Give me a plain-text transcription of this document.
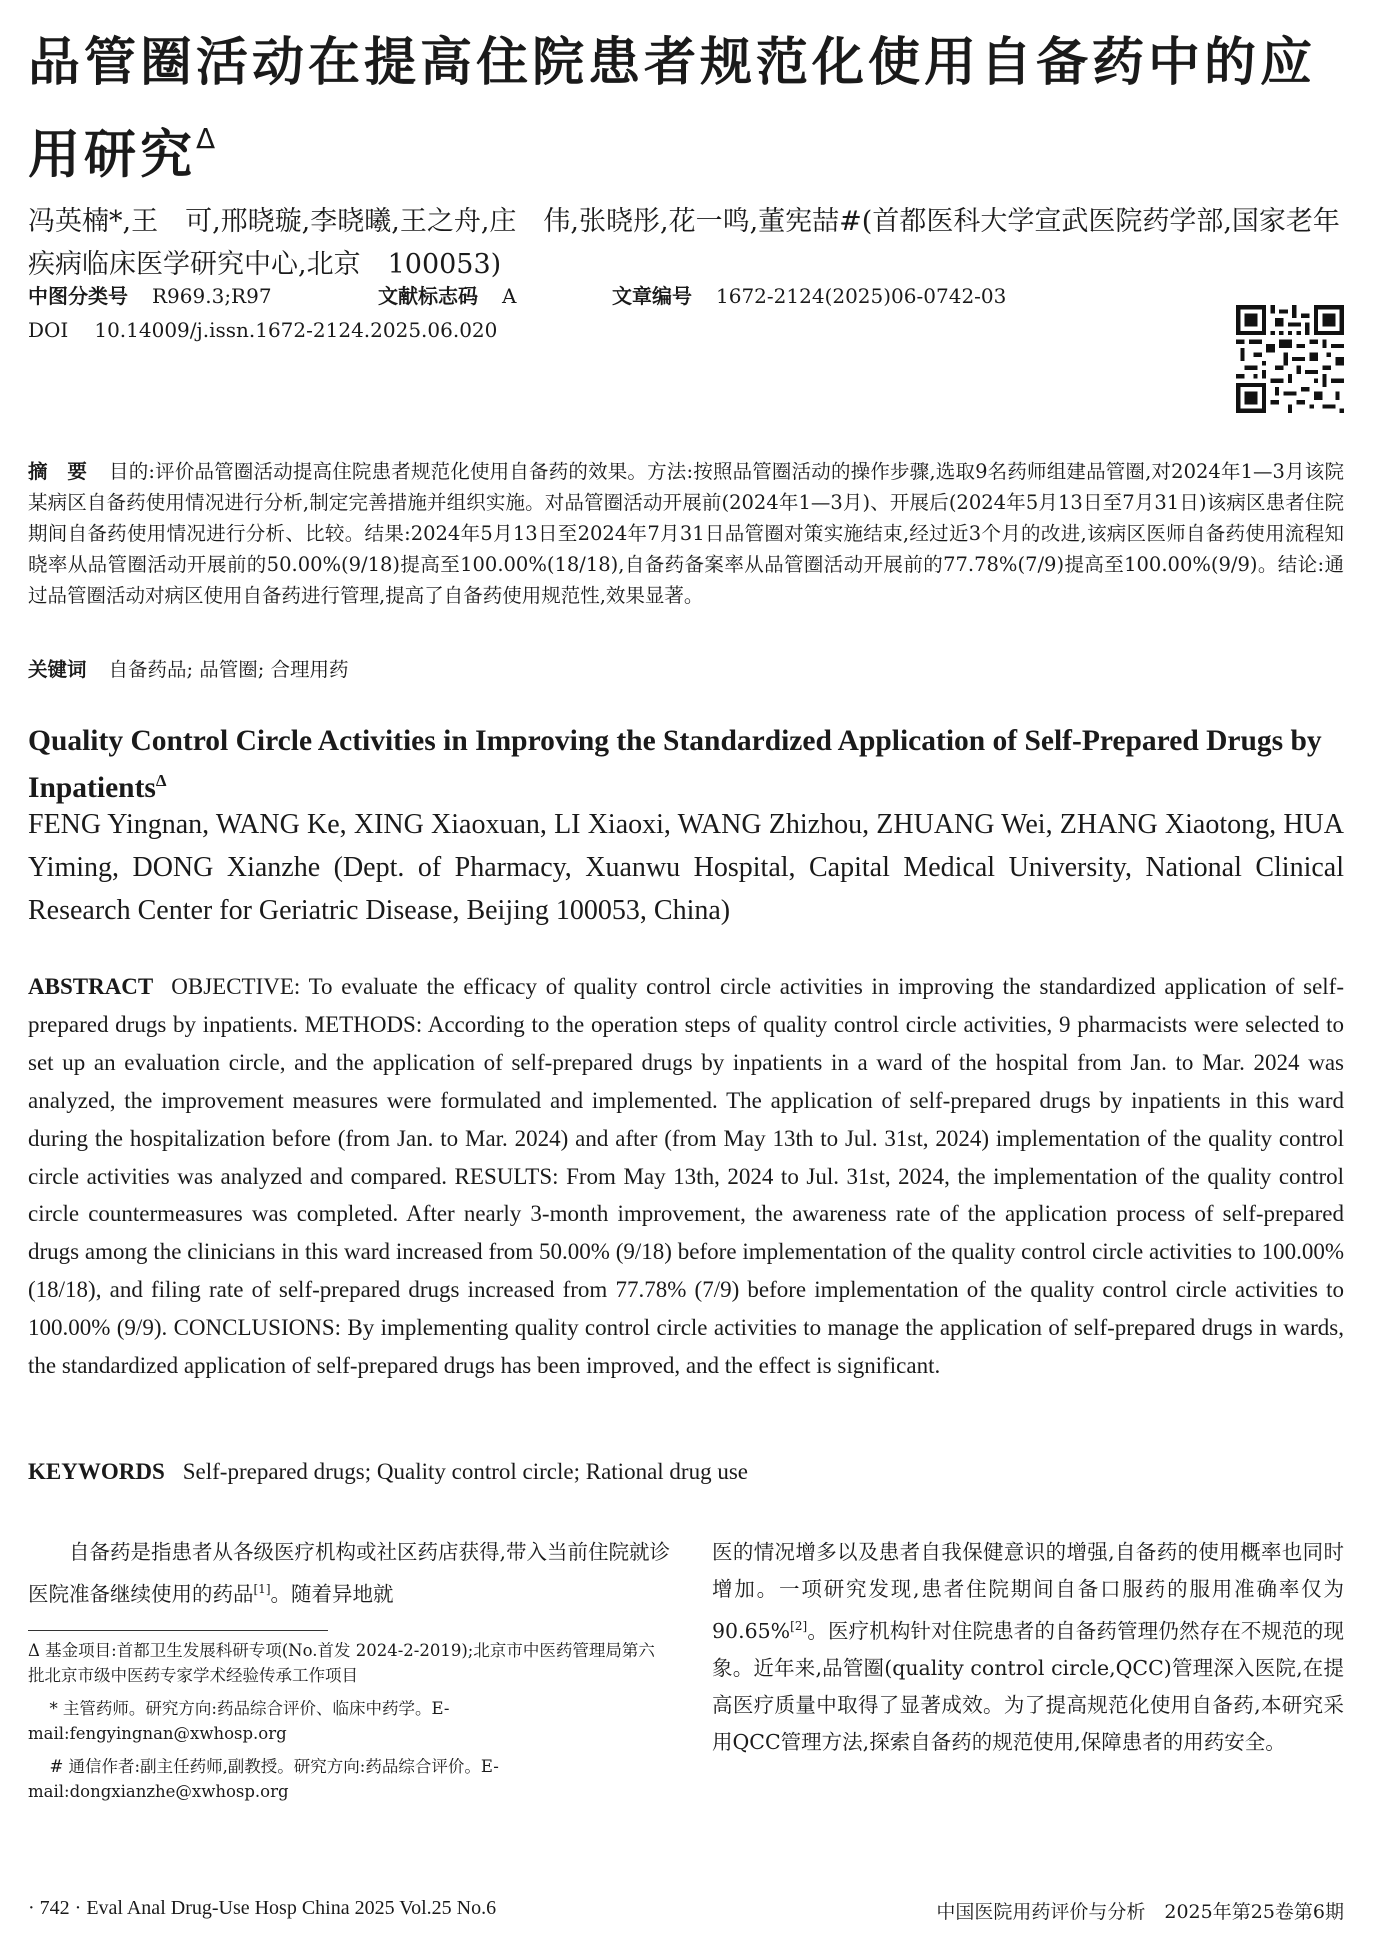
品管圈活动在提高住院患者规范化使用自备药中的应用研究$^\Delta$
冯英楠*,王　可,邢晓璇,李晓曦,王之舟,庄　伟,张晓彤,花一鸣,董宪喆#(首都医科大学宣武医院药学部,国家老年疾病临床医学研究中心,北京　100053)
中图分类号 R969.3;R97	文献标志码 A	文章编号 1672-2124(2025)06-0742-03
DOI 10.14009/j.issn.1672-2124.2025.06.020
摘　要 目的:评价品管圈活动提高住院患者规范化使用自备药的效果。方法:按照品管圈活动的操作步骤,选取9名药师组建品管圈,对2024年1—3月该院某病区自备药使用情况进行分析,制定完善措施并组织实施。对品管圈活动开展前(2024年1—3月)、开展后(2024年5月13日至7月31日)该病区患者住院期间自备药使用情况进行分析、比较。结果:2024年5月13日至2024年7月31日品管圈对策实施结束,经过近3个月的改进,该病区医师自备药使用流程知晓率从品管圈活动开展前的50.00%(9/18)提高至100.00%(18/18),自备药备案率从品管圈活动开展前的77.78%(7/9)提高至100.00%(9/9)。结论:通过品管圈活动对病区使用自备药进行管理,提高了自备药使用规范性,效果显著。
关键词 自备药品; 品管圈; 合理用药
Quality Control Circle Activities in Improving the Standardized Application of Self-Prepared Drugs by Inpatients$^\Delta$
FENG Yingnan, WANG Ke, XING Xiaoxuan, LI Xiaoxi, WANG Zhizhou, ZHUANG Wei, ZHANG Xiaotong, HUA Yiming, DONG Xianzhe (Dept. of Pharmacy, Xuanwu Hospital, Capital Medical University, National Clinical Research Center for Geriatric Disease, Beijing 100053, China)
ABSTRACT OBJECTIVE: To evaluate the efficacy of quality control circle activities in improving the standardized application of self-prepared drugs by inpatients. METHODS: According to the operation steps of quality control circle activities, 9 pharmacists were selected to set up an evaluation circle, and the application of self-prepared drugs by inpatients in a ward of the hospital from Jan. to Mar. 2024 was analyzed, the improvement measures were formulated and implemented. The application of self-prepared drugs by inpatients in this ward during the hospitalization before (from Jan. to Mar. 2024) and after (from May 13th to Jul. 31st, 2024) implementation of the quality control circle activities was analyzed and compared. RESULTS: From May 13th, 2024 to Jul. 31st, 2024, the implementation of the quality control circle countermeasures was completed. After nearly 3-month improvement, the awareness rate of the application process of self-prepared drugs among the clinicians in this ward increased from 50.00% (9/18) before implementation of the quality control circle activities to 100.00% (18/18), and filing rate of self-prepared drugs increased from 77.78% (7/9) before implementation of the quality control circle activities to 100.00% (9/9). CONCLUSIONS: By implementing quality control circle activities to manage the application of self-prepared drugs in wards, the standardized application of self-prepared drugs has been improved, and the effect is significant.
KEYWORDS Self-prepared drugs; Quality control circle; Rational drug use
自备药是指患者从各级医疗机构或社区药店获得,带入当前住院就诊医院准备继续使用的药品[1]。随着异地就

Δ 基金项目:首都卫生发展科研专项(No.首发 2024-2-2019);北京市中医药管理局第六批北京市级中医药专家学术经验传承工作项目

* 主管药师。研究方向:药品综合评价、临床中药学。E-mail:fengyingnan@xwhosp.org

# 通信作者:副主任药师,副教授。研究方向:药品综合评价。E-mail:dongxianzhe@xwhosp.org

医的情况增多以及患者自我保健意识的增强,自备药的使用概率也同时增加。一项研究发现,患者住院期间自备口服药的服用准确率仅为90.65%[2]。医疗机构针对住院患者的自备药管理仍然存在不规范的现象。近年来,品管圈(quality control circle,QCC)管理深入医院,在提高医疗质量中取得了显著成效。为了提高规范化使用自备药,本研究采用QCC管理方法,探索自备药的规范使用,保障患者的用药安全。
· 742 · Eval Anal Drug-Use Hosp China 2025 Vol.25 No.6	中国医院用药评价与分析　2025年第25卷第6期
